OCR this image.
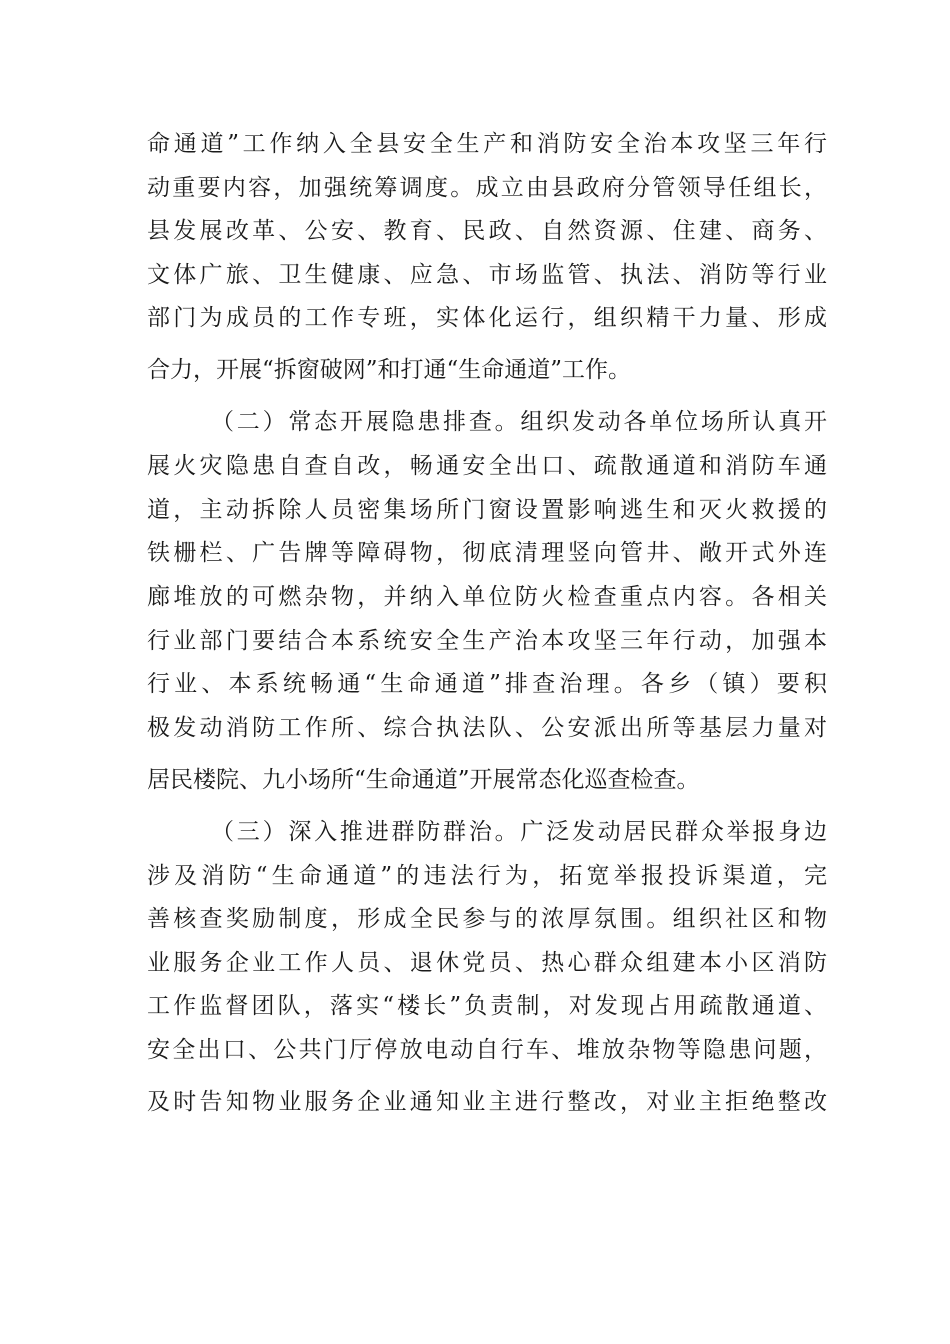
命通道”工作纳入全县安全生产和消防安全治本攻坚三年行
动重要内容，加强统筹调度。成立由县政府分管领导任组长，
县发展改革、公安、教育、民政、自然资源、住建、商务、
文体广旅、卫生健康、应急、市场监管、执法、消防等行业
部门为成员的工作专班，实体化运行，组织精干力量、形成
合力，开展“拆窗破网”和打通“生命通道”工作。
（二）常态开展隐患排查。组织发动各单位场所认真开
展火灾隐患自查自改，畅通安全出口、疏散通道和消防车通
道，主动拆除人员密集场所门窗设置影响逃生和灭火救援的
铁栅栏、广告牌等障碍物，彻底清理竖向管井、敞开式外连
廊堆放的可燃杂物，并纳入单位防火检查重点内容。各相关
行业部门要结合本系统安全生产治本攻坚三年行动，加强本
行业、本系统畅通“生命通道”排查治理。各乡（镇）要积
极发动消防工作所、综合执法队、公安派出所等基层力量对
居民楼院、九小场所“生命通道”开展常态化巡查检查。
（三）深入推进群防群治。广泛发动居民群众举报身边
涉及消防“生命通道”的违法行为，拓宽举报投诉渠道，完
善核查奖励制度，形成全民参与的浓厚氛围。组织社区和物
业服务企业工作人员、退休党员、热心群众组建本小区消防
工作监督团队，落实“楼长”负责制，对发现占用疏散通道、
安全出口、公共门厅停放电动自行车、堆放杂物等隐患问题，
及时告知物业服务企业通知业主进行整改，对业主拒绝整改
